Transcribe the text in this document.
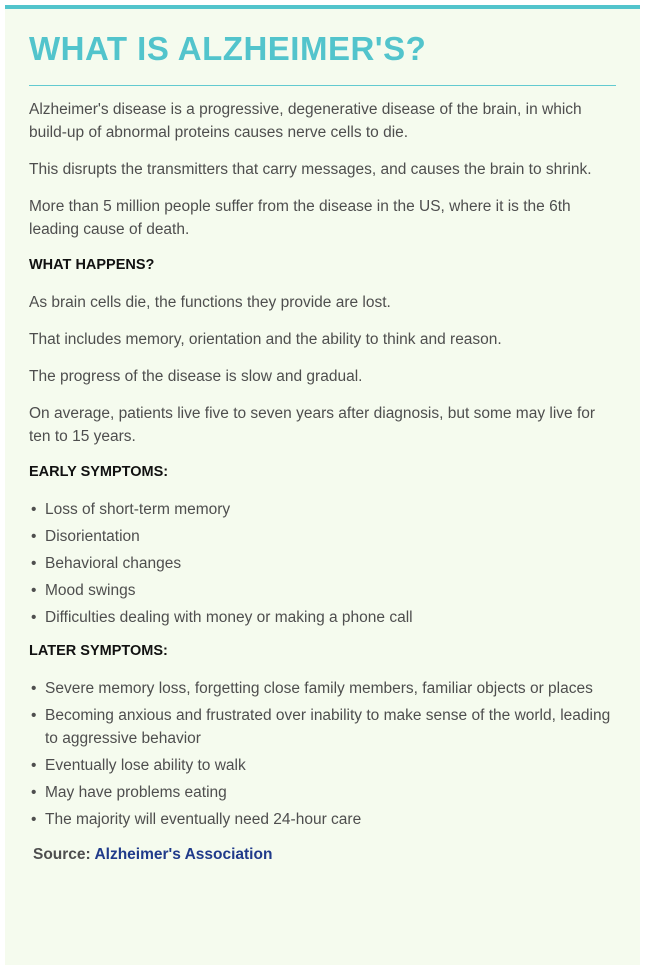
WHAT IS ALZHEIMER'S?

Alzheimer's disease is a progressive, degenerative disease of the brain, in which build-up of abnormal proteins causes nerve cells to die.

This disrupts the transmitters that carry messages, and causes the brain to shrink.

More than 5 million people suffer from the disease in the US, where it is the 6th leading cause of death.

WHAT HAPPENS?

As brain cells die, the functions they provide are lost.

That includes memory, orientation and the ability to think and reason.

The progress of the disease is slow and gradual.

On average, patients live five to seven years after diagnosis, but some may live for ten to 15 years.

EARLY SYMPTOMS:
• Loss of short-term memory
• Disorientation
• Behavioral changes
• Mood swings
• Difficulties dealing with money or making a phone call
LATER SYMPTOMS:
• Severe memory loss, forgetting close family members, familiar objects or places
• Becoming anxious and frustrated over inability to make sense of the world, leading to aggressive behavior
• Eventually lose ability to walk
• May have problems eating
• The majority will eventually need 24-hour care
Source: Alzheimer's Association
